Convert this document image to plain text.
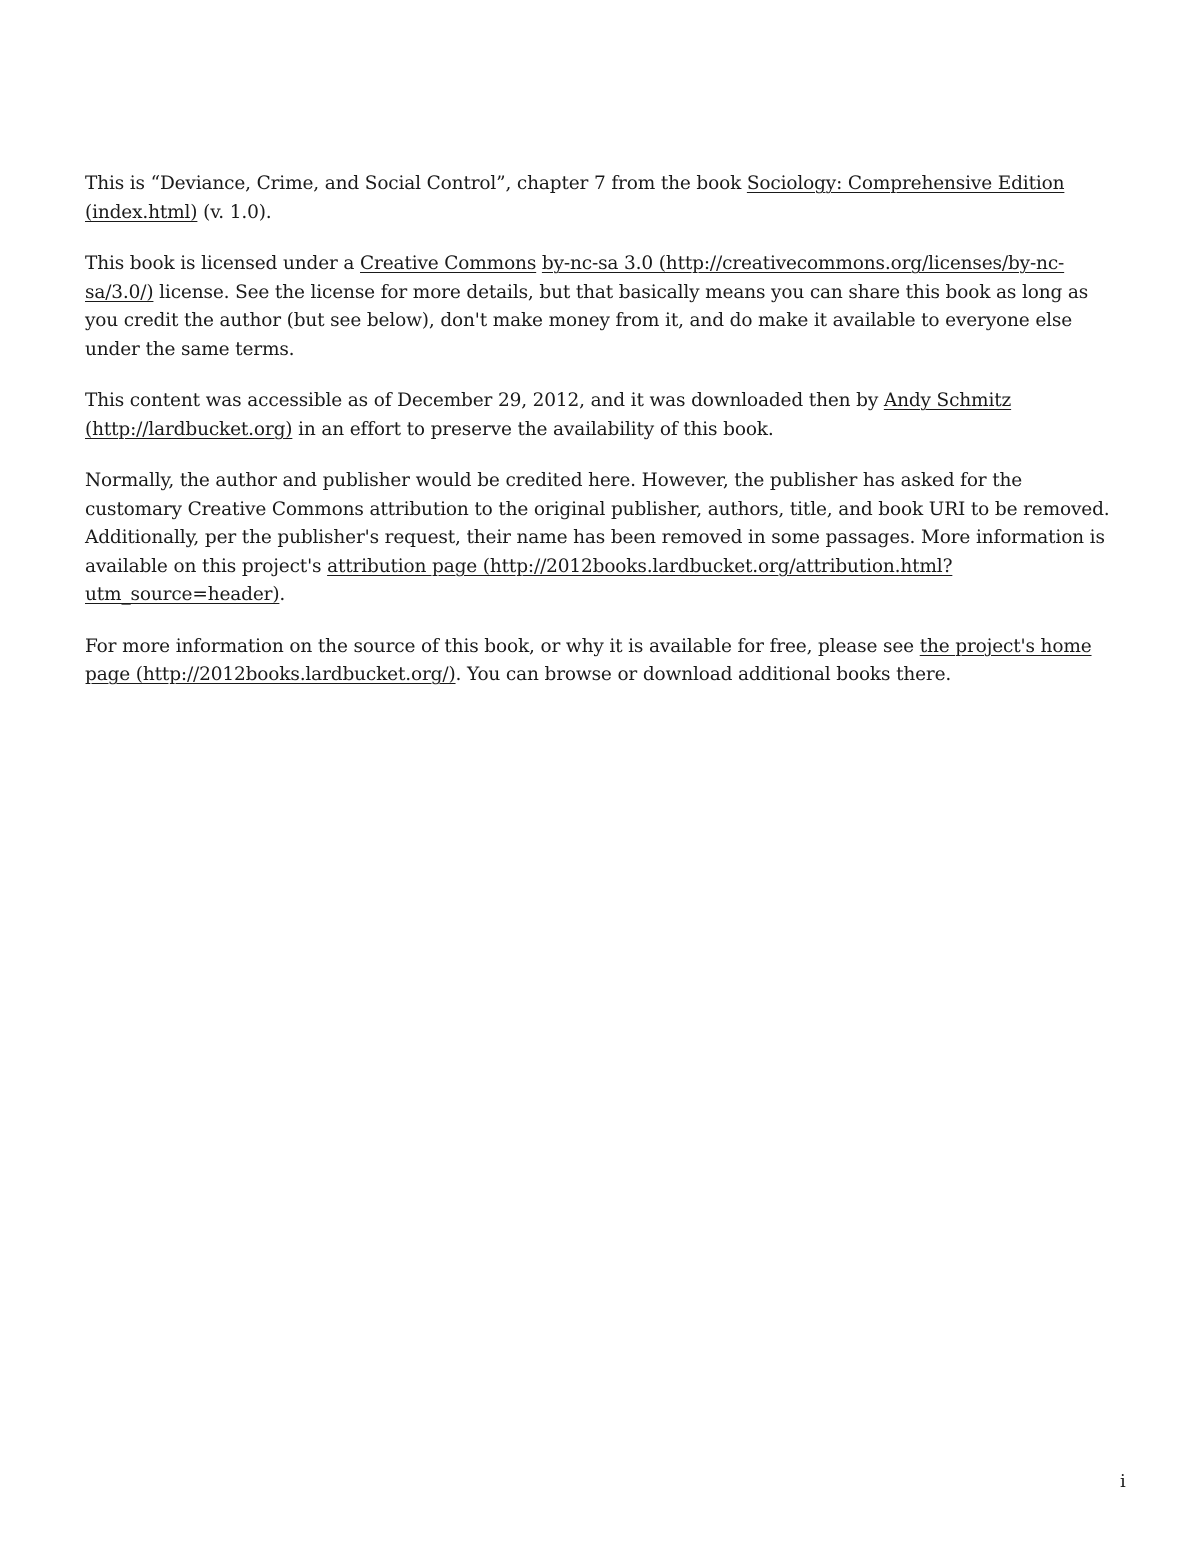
This is “Deviance, Crime, and Social Control”, chapter 7 from the book Sociology: Comprehensive Edition (index.html) (v. 1.0).

This book is licensed under a Creative Commons by-nc-sa 3.0 (http://creativecommons.org/licenses/by-nc-sa/3.0/) license. See the license for more details, but that basically means you can share this book as long as you credit the author (but see below), don't make money from it, and do make it available to everyone else under the same terms.

This content was accessible as of December 29, 2012, and it was downloaded then by Andy Schmitz (http://lardbucket.org) in an effort to preserve the availability of this book.

Normally, the author and publisher would be credited here. However, the publisher has asked for the customary Creative Commons attribution to the original publisher, authors, title, and book URI to be removed. Additionally, per the publisher's request, their name has been removed in some passages. More information is available on this project's attribution page (http://2012books.lardbucket.org/attribution.html?utm_source=header).

For more information on the source of this book, or why it is available for free, please see the project's home page (http://2012books.lardbucket.org/). You can browse or download additional books there.

i
